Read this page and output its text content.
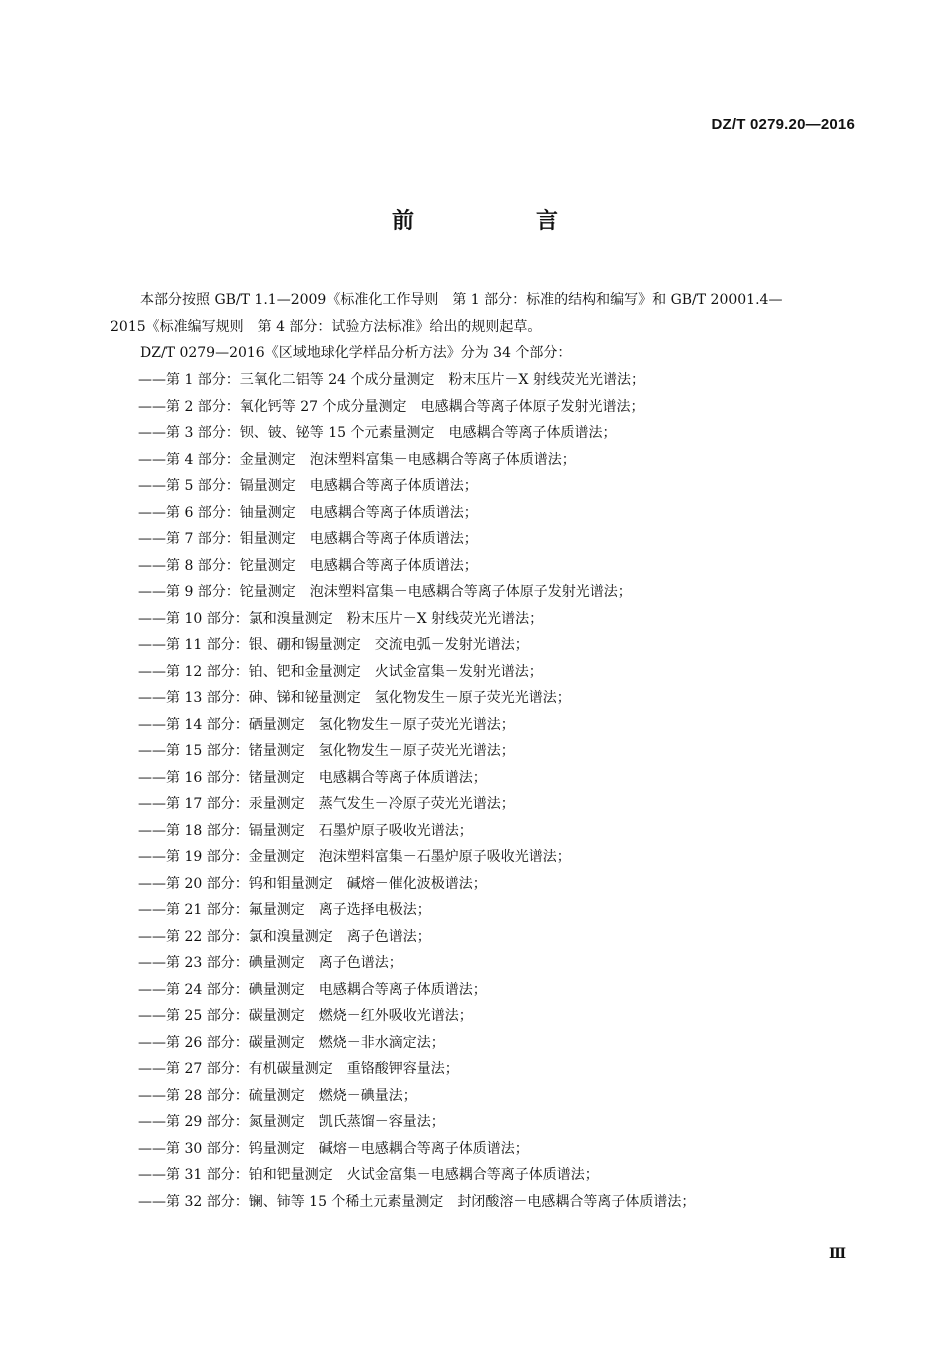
DZ/T 0279.20—2016
前　言
本部分按照 GB/T 1.1—2009《标准化工作导则　第 1 部分：标准的结构和编写》和 GB/T 20001.4—
2015《标准编写规则　第 4 部分：试验方法标准》给出的规则起草。
DZ/T 0279—2016《区域地球化学样品分析方法》分为 34 个部分：
——第 1 部分：三氧化二铝等 24 个成分量测定　粉末压片－X 射线荧光光谱法；
——第 2 部分：氧化钙等 27 个成分量测定　电感耦合等离子体原子发射光谱法；
——第 3 部分：钡、铍、铋等 15 个元素量测定　电感耦合等离子体质谱法；
——第 4 部分：金量测定　泡沫塑料富集－电感耦合等离子体质谱法；
——第 5 部分：镉量测定　电感耦合等离子体质谱法；
——第 6 部分：铀量测定　电感耦合等离子体质谱法；
——第 7 部分：钼量测定　电感耦合等离子体质谱法；
——第 8 部分：铊量测定　电感耦合等离子体质谱法；
——第 9 部分：铊量测定　泡沫塑料富集－电感耦合等离子体原子发射光谱法；
——第 10 部分：氯和溴量测定　粉末压片－X 射线荧光光谱法；
——第 11 部分：银、硼和锡量测定　交流电弧－发射光谱法；
——第 12 部分：铂、钯和金量测定　火试金富集－发射光谱法；
——第 13 部分：砷、锑和铋量测定　氢化物发生－原子荧光光谱法；
——第 14 部分：硒量测定　氢化物发生－原子荧光光谱法；
——第 15 部分：锗量测定　氢化物发生－原子荧光光谱法；
——第 16 部分：锗量测定　电感耦合等离子体质谱法；
——第 17 部分：汞量测定　蒸气发生－冷原子荧光光谱法；
——第 18 部分：镉量测定　石墨炉原子吸收光谱法；
——第 19 部分：金量测定　泡沫塑料富集－石墨炉原子吸收光谱法；
——第 20 部分：钨和钼量测定　碱熔－催化波极谱法；
——第 21 部分：氟量测定　离子选择电极法；
——第 22 部分：氯和溴量测定　离子色谱法；
——第 23 部分：碘量测定　离子色谱法；
——第 24 部分：碘量测定　电感耦合等离子体质谱法；
——第 25 部分：碳量测定　燃烧－红外吸收光谱法；
——第 26 部分：碳量测定　燃烧－非水滴定法；
——第 27 部分：有机碳量测定　重铬酸钾容量法；
——第 28 部分：硫量测定　燃烧－碘量法；
——第 29 部分：氮量测定　凯氏蒸馏－容量法；
——第 30 部分：钨量测定　碱熔－电感耦合等离子体质谱法；
——第 31 部分：铂和钯量测定　火试金富集－电感耦合等离子体质谱法；
——第 32 部分：镧、铈等 15 个稀土元素量测定　封闭酸溶－电感耦合等离子体质谱法；
Ⅲ
